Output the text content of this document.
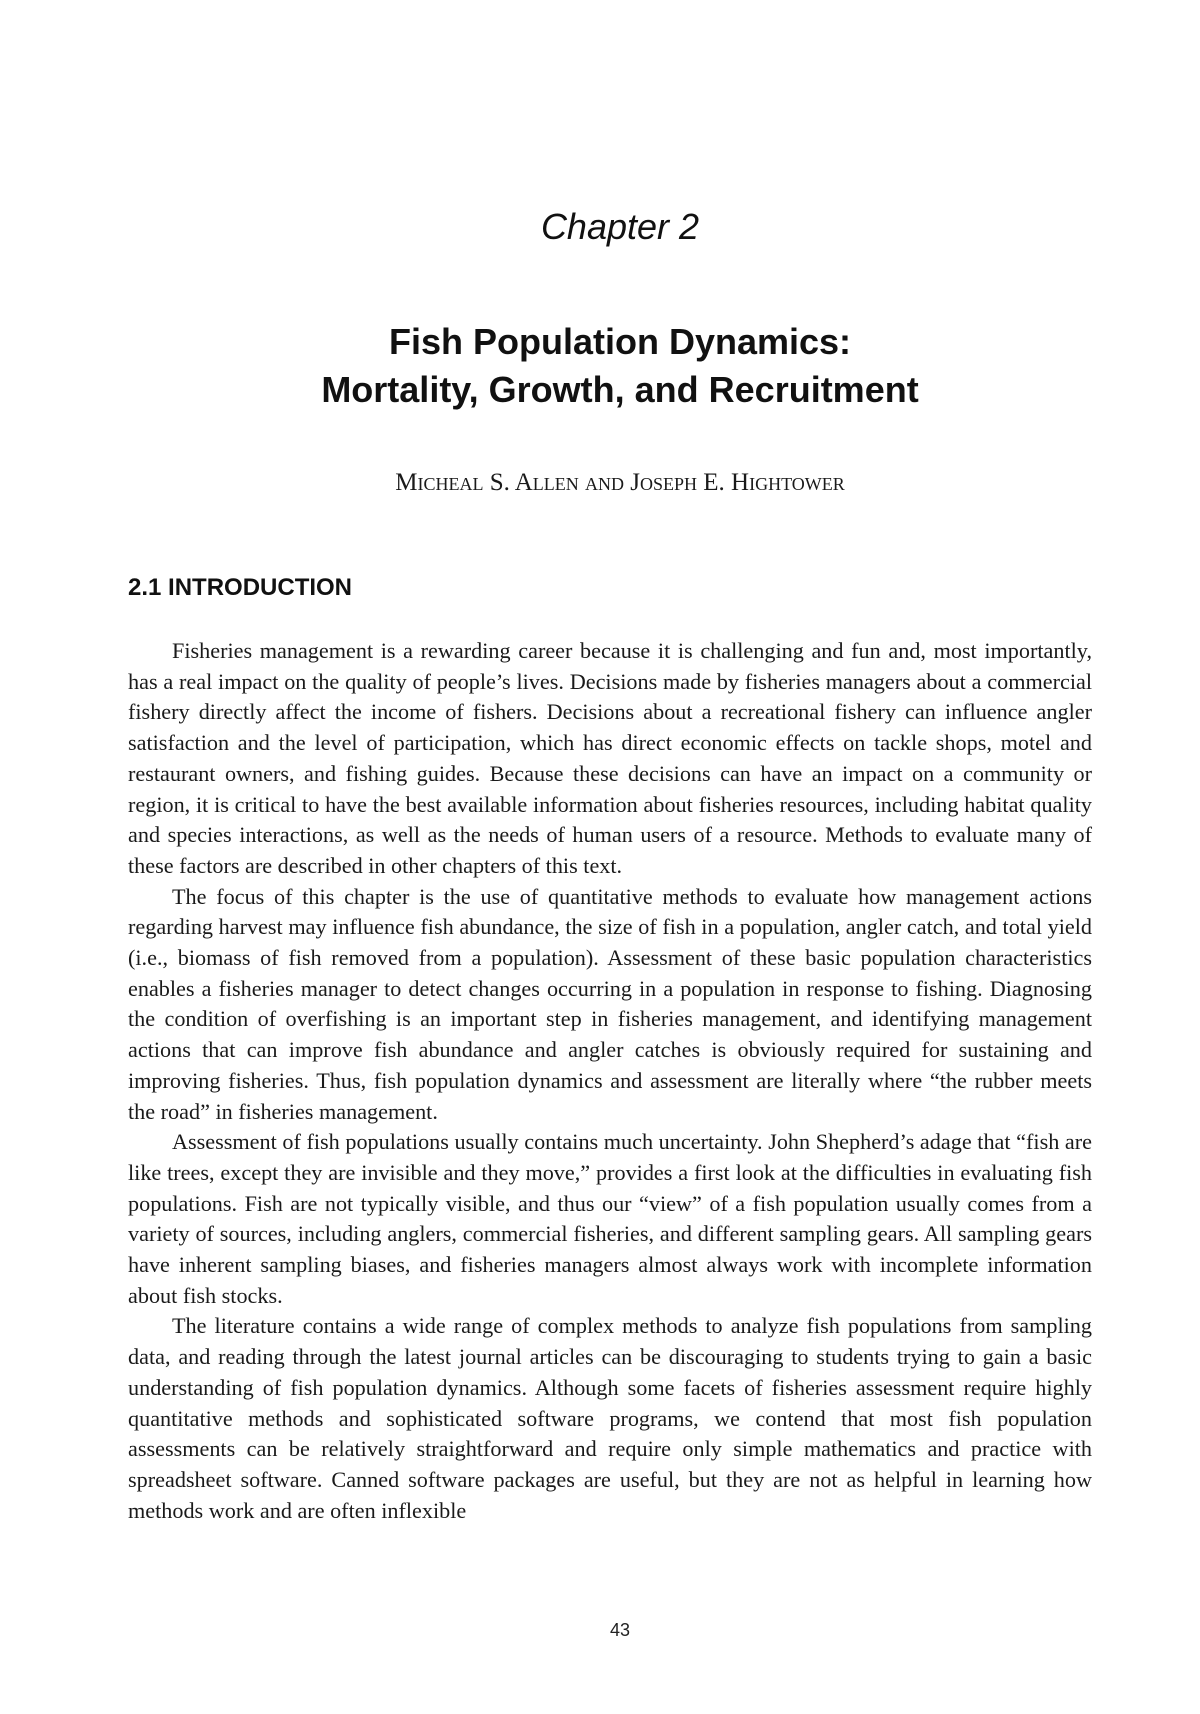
Chapter 2
Fish Population Dynamics:
Mortality, Growth, and Recruitment
Micheal S. Allen and Joseph E. Hightower
2.1 INTRODUCTION

Fisheries management is a rewarding career because it is challenging and fun and, most importantly, has a real impact on the quality of people’s lives. Decisions made by fisheries managers about a commercial fishery directly affect the income of fishers. Decisions about a recreational fishery can influence angler satisfaction and the level of participation, which has direct economic effects on tackle shops, motel and restaurant owners, and fishing guides. Because these decisions can have an impact on a community or region, it is critical to have the best available information about fisheries resources, including habitat quality and species interactions, as well as the needs of human users of a resource. Methods to evaluate many of these factors are described in other chapters of this text.

The focus of this chapter is the use of quantitative methods to evaluate how management actions regarding harvest may influence fish abundance, the size of fish in a population, angler catch, and total yield (i.e., biomass of fish removed from a population). Assessment of these basic population characteristics enables a fisheries manager to detect changes occurring in a population in response to fishing. Diagnosing the condition of overfishing is an important step in fisheries management, and identifying management actions that can improve fish abundance and angler catches is obviously required for sustaining and improving fisheries. Thus, fish population dynamics and assessment are literally where “the rubber meets the road” in fisheries management.

Assessment of fish populations usually contains much uncertainty. John Shepherd’s adage that “fish are like trees, except they are invisible and they move,” provides a first look at the difficulties in evaluating fish populations. Fish are not typically visible, and thus our “view” of a fish population usually comes from a variety of sources, including anglers, commercial fisheries, and different sampling gears. All sampling gears have inherent sampling biases, and fisheries managers almost always work with incomplete information about fish stocks.

The literature contains a wide range of complex methods to analyze fish populations from sampling data, and reading through the latest journal articles can be discouraging to students trying to gain a basic understanding of fish population dynamics. Although some facets of fisheries assessment require highly quantitative methods and sophisticated software programs, we contend that most fish population assessments can be relatively straightforward and require only simple mathematics and practice with spreadsheet software. Canned software packages are useful, but they are not as helpful in learning how methods work and are often inflexible

43
